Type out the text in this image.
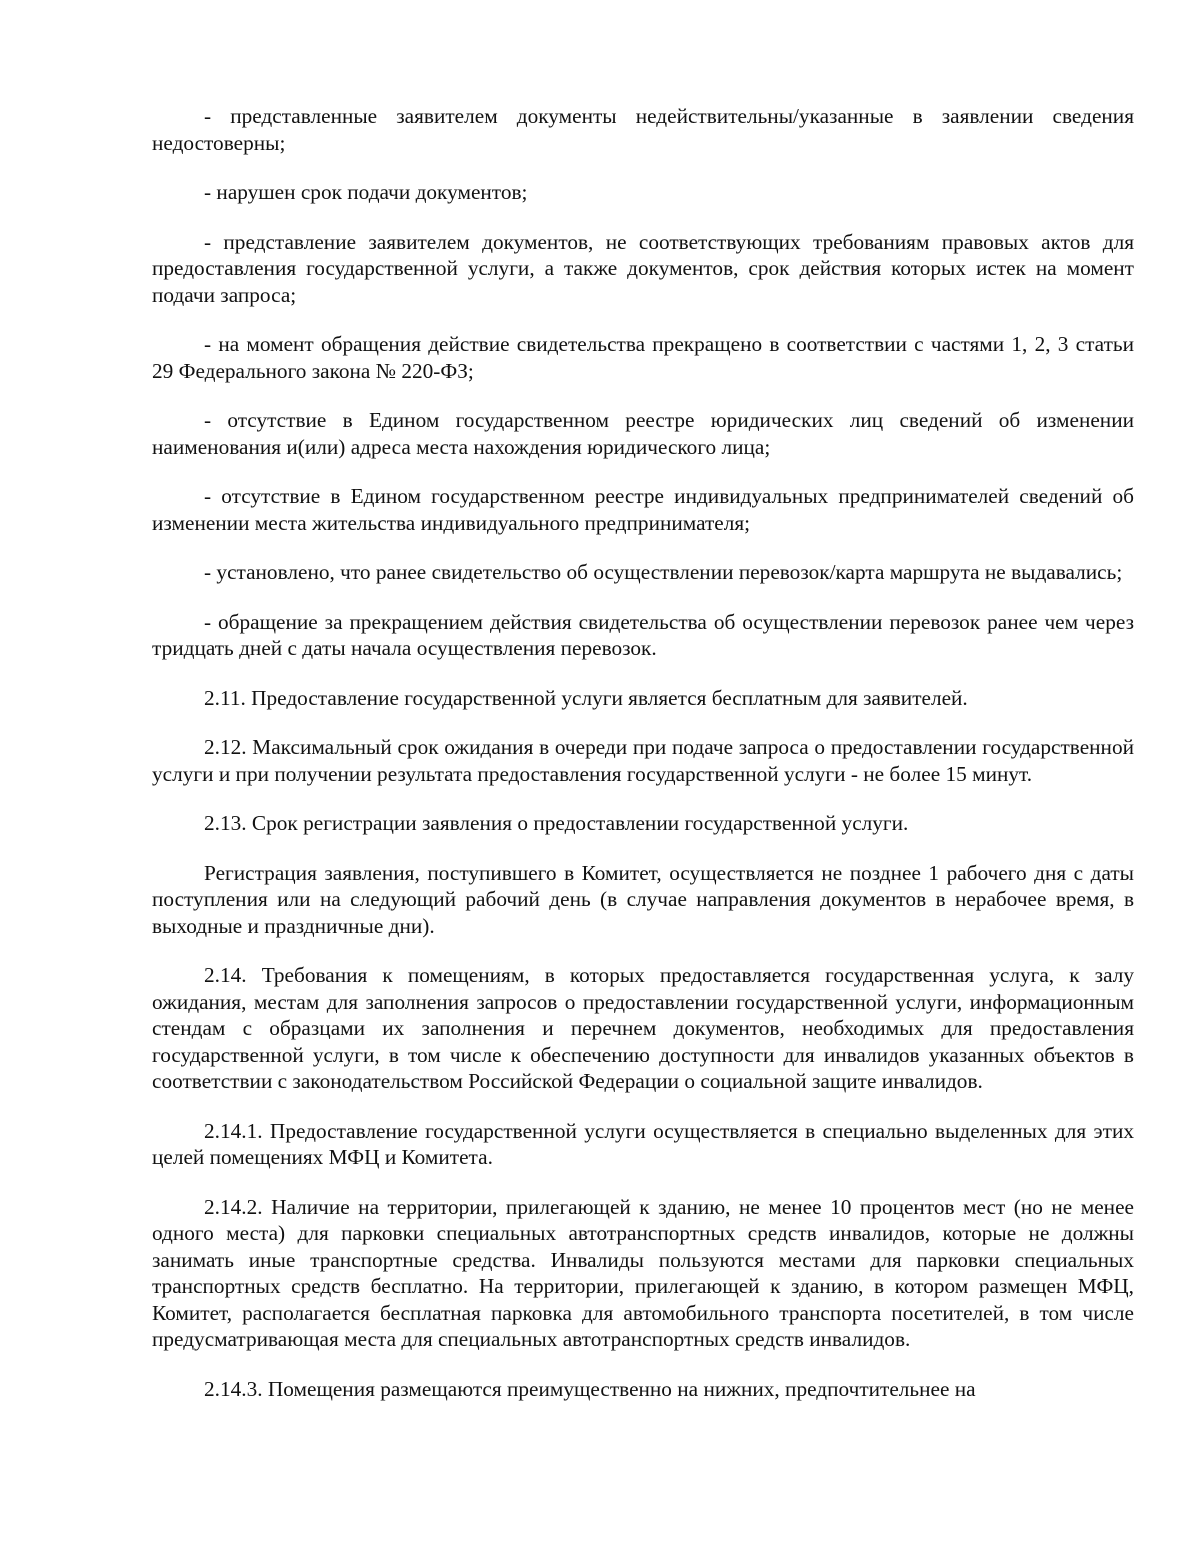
- представленные заявителем документы недействительны/указанные в заявлении сведения недостоверны;

- нарушен срок подачи документов;

- представление заявителем документов, не соответствующих требованиям правовых актов для предоставления государственной услуги, а также документов, срок действия которых истек на момент подачи запроса;

- на момент обращения действие свидетельства прекращено в соответствии с частями 1, 2, 3 статьи 29 Федерального закона № 220-ФЗ;

- отсутствие в Едином государственном реестре юридических лиц сведений об изменении наименования и(или) адреса места нахождения юридического лица;

- отсутствие в Едином государственном реестре индивидуальных предпринимателей сведений об изменении места жительства индивидуального предпринимателя;

- установлено, что ранее свидетельство об осуществлении перевозок/карта маршрута не выдавались;

- обращение за прекращением действия свидетельства об осуществлении перевозок ранее чем через тридцать дней с даты начала осуществления перевозок.

2.11. Предоставление государственной услуги является бесплатным для заявителей.

2.12. Максимальный срок ожидания в очереди при подаче запроса о предоставлении государственной услуги и при получении результата предоставления государственной услуги - не более 15 минут.

2.13. Срок регистрации заявления о предоставлении государственной услуги.

Регистрация заявления, поступившего в Комитет, осуществляется не позднее 1 рабочего дня с даты поступления или на следующий рабочий день (в случае направления документов в нерабочее время, в выходные и праздничные дни).

2.14. Требования к помещениям, в которых предоставляется государственная услуга, к залу ожидания, местам для заполнения запросов о предоставлении государственной услуги, информационным стендам с образцами их заполнения и перечнем документов, необходимых для предоставления государственной услуги, в том числе к обеспечению доступности для инвалидов указанных объектов в соответствии с законодательством Российской Федерации о социальной защите инвалидов.

2.14.1. Предоставление государственной услуги осуществляется в специально выделенных для этих целей помещениях МФЦ и Комитета.

2.14.2. Наличие на территории, прилегающей к зданию, не менее 10 процентов мест (но не менее одного места) для парковки специальных автотранспортных средств инвалидов, которые не должны занимать иные транспортные средства. Инвалиды пользуются местами для парковки специальных транспортных средств бесплатно. На территории, прилегающей к зданию, в котором размещен МФЦ, Комитет, располагается бесплатная парковка для автомобильного транспорта посетителей, в том числе предусматривающая места для специальных автотранспортных средств инвалидов.

2.14.3. Помещения размещаются преимущественно на нижних, предпочтительнее на
